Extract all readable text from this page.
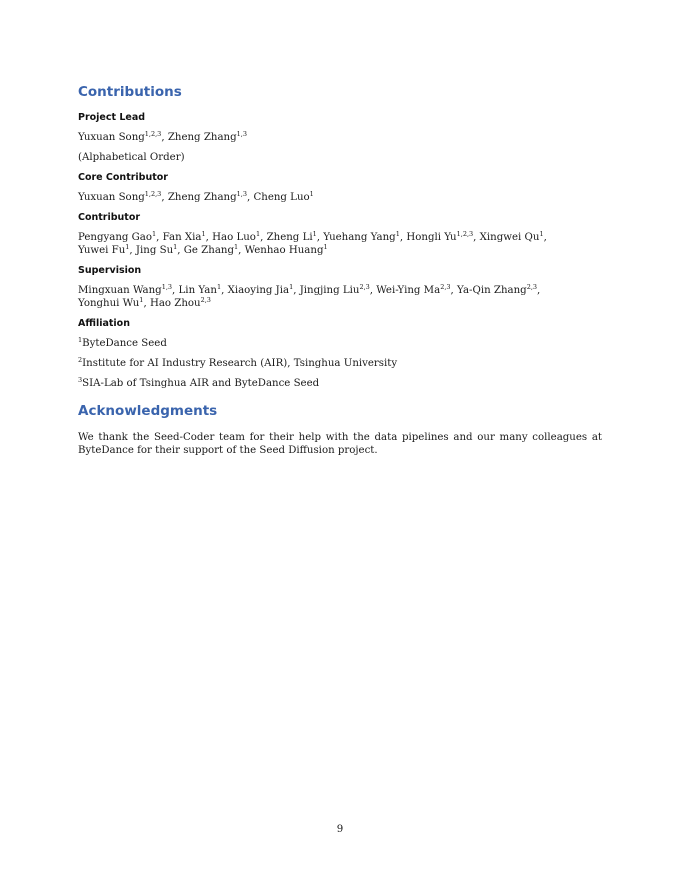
Contributions
Project Lead
Yuxuan Song$^{1,2,3}$, Zheng Zhang$^{1,3}$
(Alphabetical Order)
Core Contributor
Yuxuan Song$^{1,2,3}$, Zheng Zhang$^{1,3}$, Cheng Luo$^1$
Contributor
Pengyang Gao$^1$, Fan Xia$^1$, Hao Luo$^1$, Zheng Li$^1$, Yuehang Yang$^1$, Hongli Yu$^{1,2,3}$, Xingwei Qu$^1$, Yuwei Fu$^1$, Jing Su$^1$, Ge Zhang$^1$, Wenhao Huang$^1$
Supervision
Mingxuan Wang$^{1,3}$, Lin Yan$^1$, Xiaoying Jia$^1$, Jingjing Liu$^{2,3}$, Wei-Ying Ma$^{2,3}$, Ya-Qin Zhang$^{2,3}$, Yonghui Wu$^1$, Hao Zhou$^{2,3}$
Affiliation
$^1$ByteDance Seed
$^2$Institute for AI Industry Research (AIR), Tsinghua University
$^3$SIA-Lab of Tsinghua AIR and ByteDance Seed
Acknowledgments
We thank the Seed-Coder team for their help with the data pipelines and our many colleagues at ByteDance for their support of the Seed Diffusion project.
9
